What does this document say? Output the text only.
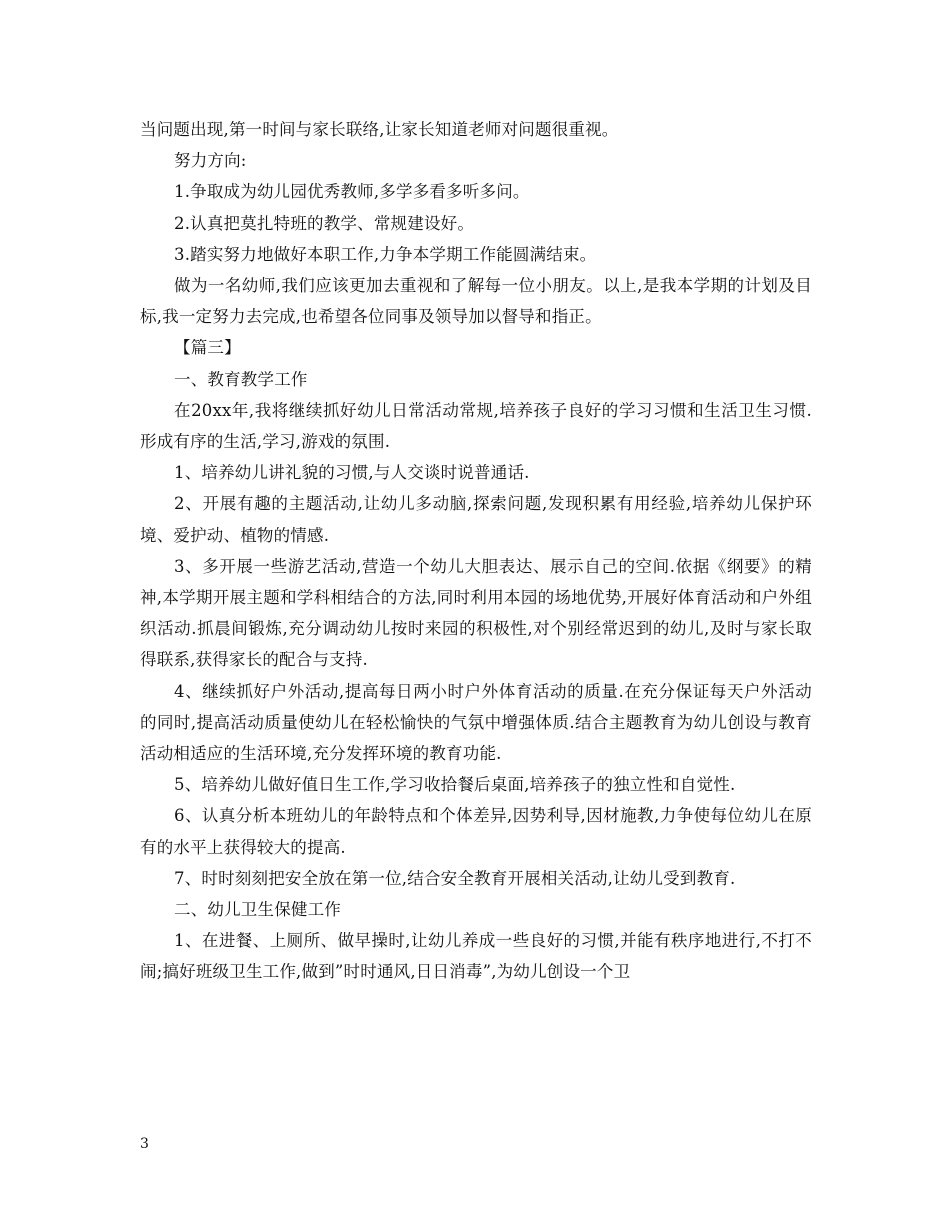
当问题出现,第一时间与家长联络,让家长知道老师对问题很重视。

努力方向:

1.争取成为幼儿园优秀教师,多学多看多听多问。

2.认真把莫扎特班的教学、常规建设好。

3.踏实努力地做好本职工作,力争本学期工作能圆满结束。

做为一名幼师,我们应该更加去重视和了解每一位小朋友。以上,是我本学期的计划及目标,我一定努力去完成,也希望各位同事及领导加以督导和指正。

【篇三】

一、教育教学工作

在20xx年,我将继续抓好幼儿日常活动常规,培养孩子良好的学习习惯和生活卫生习惯.形成有序的生活,学习,游戏的氛围.

1、培养幼儿讲礼貌的习惯,与人交谈时说普通话.

2、开展有趣的主题活动,让幼儿多动脑,探索问题,发现积累有用经验,培养幼儿保护环境、爱护动、植物的情感.

3、多开展一些游艺活动,营造一个幼儿大胆表达、展示自己的空间.依据《纲要》的精神,本学期开展主题和学科相结合的方法,同时利用本园的场地优势,开展好体育活动和户外组织活动.抓晨间锻炼,充分调动幼儿按时来园的积极性,对个别经常迟到的幼儿,及时与家长取得联系,获得家长的配合与支持.

4、继续抓好户外活动,提高每日两小时户外体育活动的质量.在充分保证每天户外活动的同时,提高活动质量使幼儿在轻松愉快的气氛中增强体质.结合主题教育为幼儿创设与教育活动相适应的生活环境,充分发挥环境的教育功能.

5、培养幼儿做好值日生工作,学习收拾餐后桌面,培养孩子的独立性和自觉性.

6、认真分析本班幼儿的年龄特点和个体差异,因势利导,因材施教,力争使每位幼儿在原有的水平上获得较大的提高.

7、时时刻刻把安全放在第一位,结合安全教育开展相关活动,让幼儿受到教育.

二、幼儿卫生保健工作

1、在进餐、上厕所、做早操时,让幼儿养成一些良好的习惯,并能有秩序地进行,不打不闹;搞好班级卫生工作,做到”时时通风,日日消毒”,为幼儿创设一个卫

3
